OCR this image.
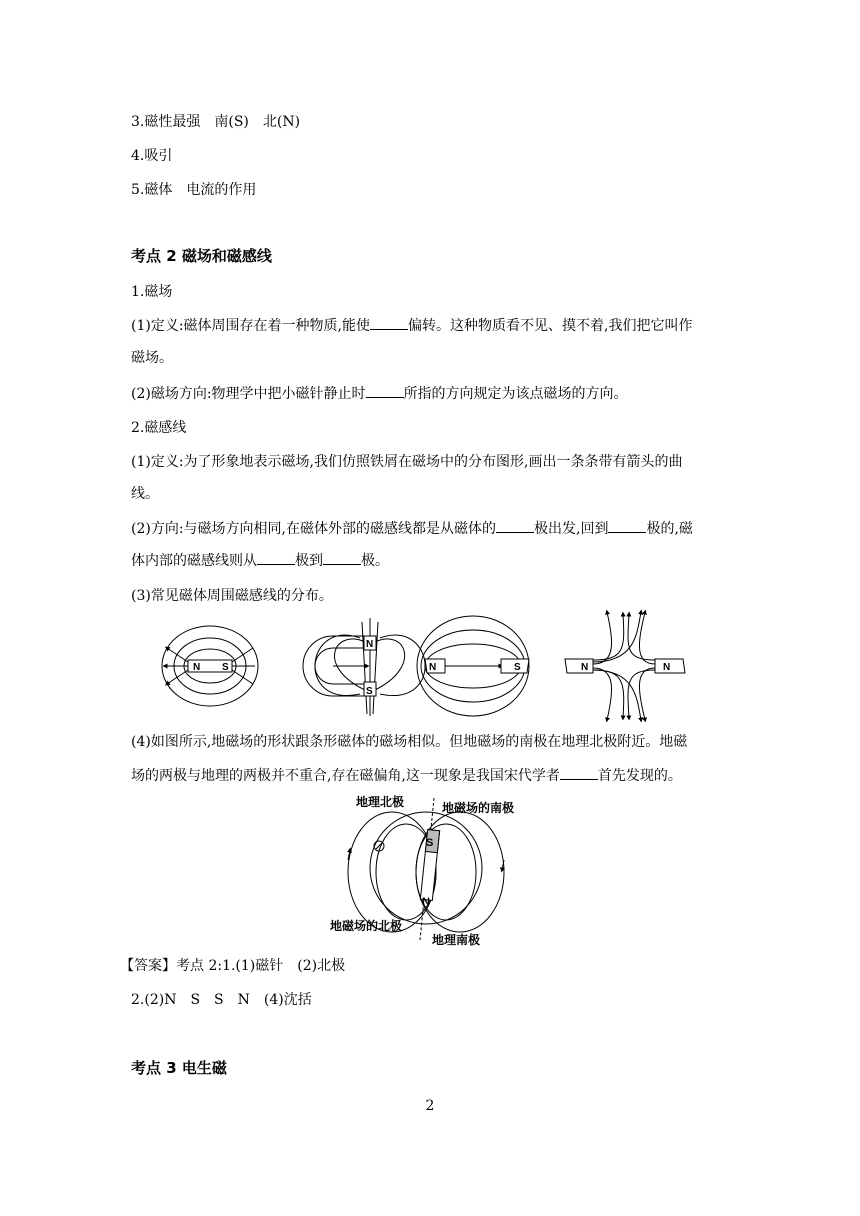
3.磁性最强　南(S)　北(N)
4.吸引
5.磁体　电流的作用
考点 2 磁场和磁感线
1.磁场
(1)定义:磁体周围存在着一种物质,能使	偏转。这种物质看不见、摸不着,我们把它叫作
磁场。
(2)磁场方向:物理学中把小磁针静止时	所指的方向规定为该点磁场的方向。
2.磁感线
(1)定义:为了形象地表示磁场,我们仿照铁屑在磁场中的分布图形,画出一条条带有箭头的曲
线。
(2)方向:与磁场方向相同,在磁体外部的磁感线都是从磁体的	极出发,回到	极的,磁
体内部的磁感线则从	极到	极。
(3)常见磁体周围磁感线的分布。
N S
N
S
N	S	N	N
(4)如图所示,地磁场的形状跟条形磁体的磁场相似。但地磁场的南极在地理北极附近。地磁
场的两极与地理的两极并不重合,存在磁偏角,这一现象是我国宋代学者	首先发现的。
S
N
地理北极	地磁场的南极
地磁场的北极
地理南极
【答案】考点 2:1.(1)磁针　(2)北极
2.(2)N　S　S　N　(4)沈括
考点 3 电生磁
2
